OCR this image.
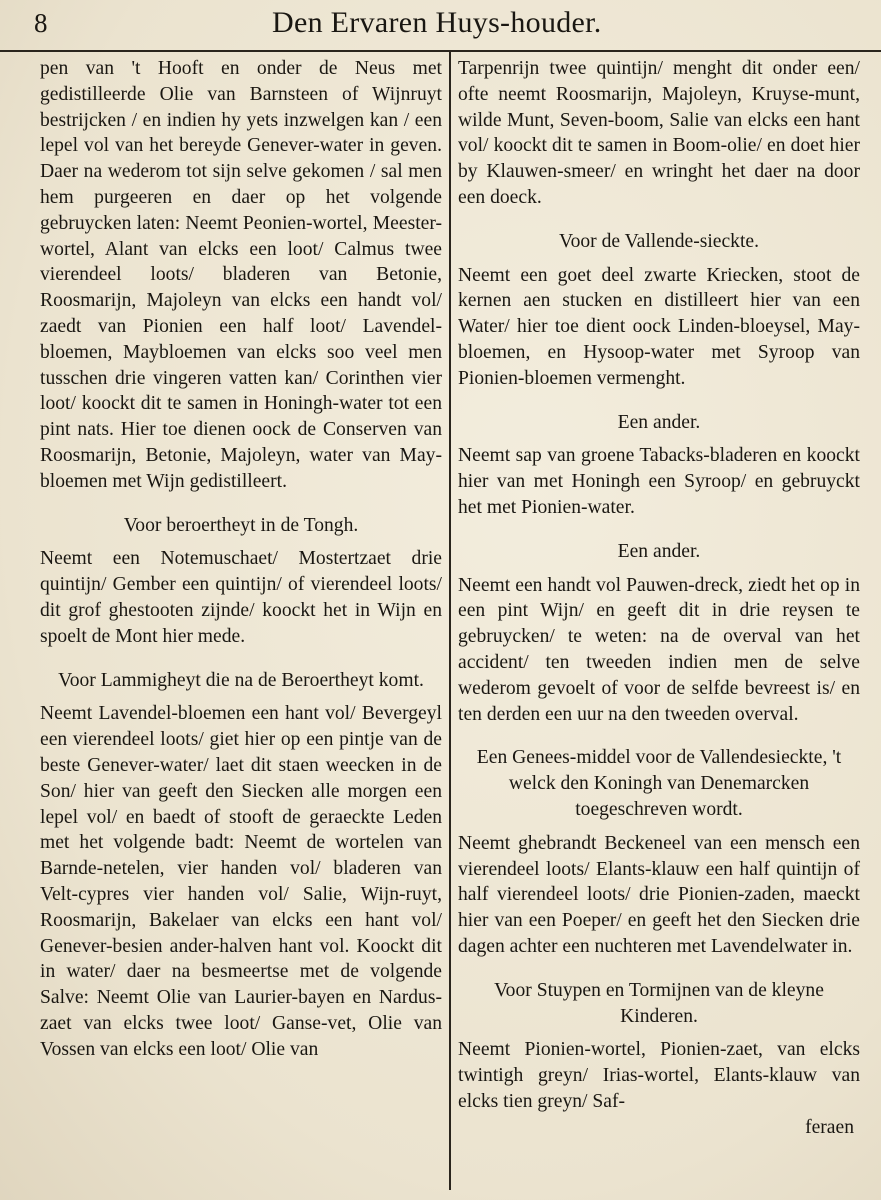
8	Den Ervaren Huys-houder.

pen van 't Hooft en onder de Neus met gedistilleerde Olie van Barnsteen of Wijnruyt bestrijcken / en indien hy yets inzwelgen kan / een lepel vol van het bereyde Genever-water in geven. Daer na wederom tot sijn selve gekomen / sal men hem purgeeren en daer op het volgende gebruycken laten: Neemt Peonien-wortel, Meester-wortel, Alant van elcks een loot/ Calmus twee vierendeel loots/ bladeren van Betonie, Roosmarijn, Majoleyn van elcks een handt vol/ zaedt van Pionien een half loot/ Lavendel-bloemen, Maybloemen van elcks soo veel men tusschen drie vingeren vatten kan/ Corinthen vier loot/ koockt dit te samen in Honingh-water tot een pint nats. Hier toe dienen oock de Conserven van Roosmarijn, Betonie, Majoleyn, water van May-bloemen met Wijn gedistilleert.

Voor beroertheyt in de Tongh.

Neemt een Notemuschaet/ Mostertzaet drie quintijn/ Gember een quintijn/ of vierendeel loots/ dit grof ghestooten zijnde/ koockt het in Wijn en spoelt de Mont hier mede.

Voor Lammigheyt die na de Beroertheyt komt.

Neemt Lavendel-bloemen een hant vol/ Bevergeyl een vierendeel loots/ giet hier op een pintje van de beste Genever-water/ laet dit staen weecken in de Son/ hier van geeft den Siecken alle morgen een lepel vol/ en baedt of stooft de geraeckte Leden met het volgende badt: Neemt de wortelen van Barnde-netelen, vier handen vol/ bladeren van Velt-cypres vier handen vol/ Salie, Wijn-ruyt, Roosmarijn, Bakelaer van elcks een hant vol/ Genever-besien ander-halven hant vol. Koockt dit in water/ daer na besmeertse met de volgende Salve: Neemt Olie van Laurier-bayen en Nardus-zaet van elcks twee loot/ Ganse-vet, Olie van Vossen van elcks een loot/ Olie van

Tarpenrijn twee quintijn/ menght dit onder een/ ofte neemt Roosmarijn, Majoleyn, Kruyse-munt, wilde Munt, Seven-boom, Salie van elcks een hant vol/ koockt dit te samen in Boom-olie/ en doet hier by Klauwen-smeer/ en wringht het daer na door een doeck.

Voor de Vallende-sieckte.

Neemt een goet deel zwarte Kriecken, stoot de kernen aen stucken en distilleert hier van een Water/ hier toe dient oock Linden-bloeysel, May-bloemen, en Hysoop-water met Syroop van Pionien-bloemen vermenght.

Een ander.

Neemt sap van groene Tabacks-bladeren en koockt hier van met Honingh een Syroop/ en gebruyckt het met Pionien-water.

Een ander.

Neemt een handt vol Pauwen-dreck, ziedt het op in een pint Wijn/ en geeft dit in drie reysen te gebruycken/ te weten: na de overval van het accident/ ten tweeden indien men de selve wederom gevoelt of voor de selfde bevreest is/ en ten derden een uur na den tweeden overval.

Een Genees-middel voor de Vallendesieckte, 't welck den Koningh van Denemarcken toegeschreven wordt.

Neemt ghebrandt Beckeneel van een mensch een vierendeel loots/ Elants-klauw een half quintijn of half vierendeel loots/ drie Pionien-zaden, maeckt hier van een Poeper/ en geeft het den Siecken drie dagen achter een nuchteren met Lavendelwater in.

Voor Stuypen en Tormijnen van de kleyne Kinderen.

Neemt Pionien-wortel, Pionien-zaet, van elcks twintigh greyn/ Irias-wortel, Elants-klauw van elcks tien greyn/ Saf-

feraen
